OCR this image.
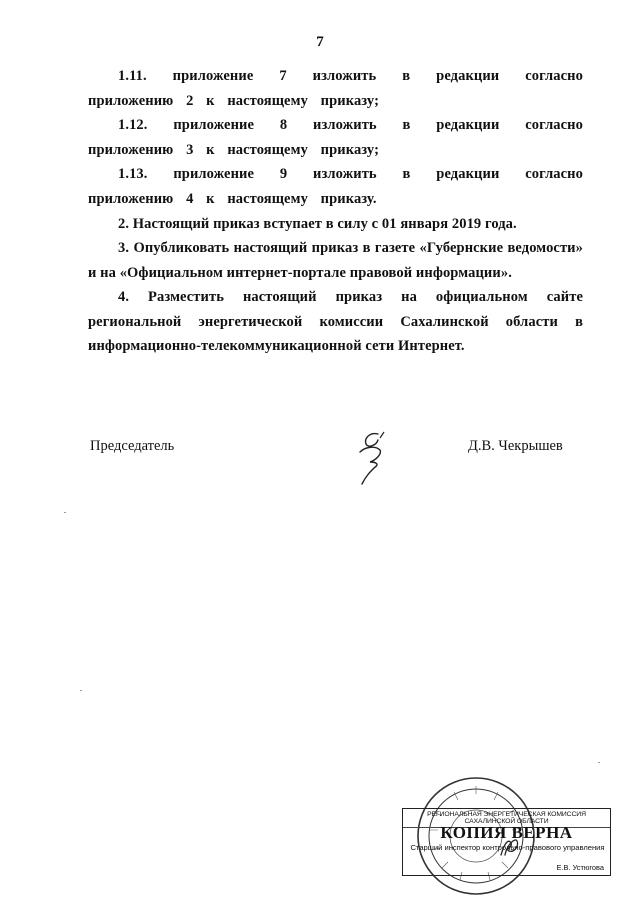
7
1.11. приложение 7 изложить в редакции согласно приложению 2 к настоящему приказу;
1.12. приложение 8 изложить в редакции согласно приложению 3 к настоящему приказу;
1.13. приложение 9 изложить в редакции согласно приложению 4 к настоящему приказу.
2. Настоящий приказ вступает в силу с 01 января 2019 года.
3. Опубликовать настоящий приказ в газете «Губернские ведомости» и на «Официальном интернет-портале правовой информации».
4. Разместить настоящий приказ на официальном сайте региональной энергетической комиссии Сахалинской области в информационно-телекоммуникационной сети Интернет.
Председатель	Д.В. Чекрышев
РЕГИОНАЛЬНАЯ ЭНЕРГЕТИЧЕСКАЯ КОМИССИЯ САХАЛИНСКОЙ ОБЛАСТИ
КОПИЯ ВЕРНА
Старший инспектор контрольно-правового управления
Е.В. Устюгова
